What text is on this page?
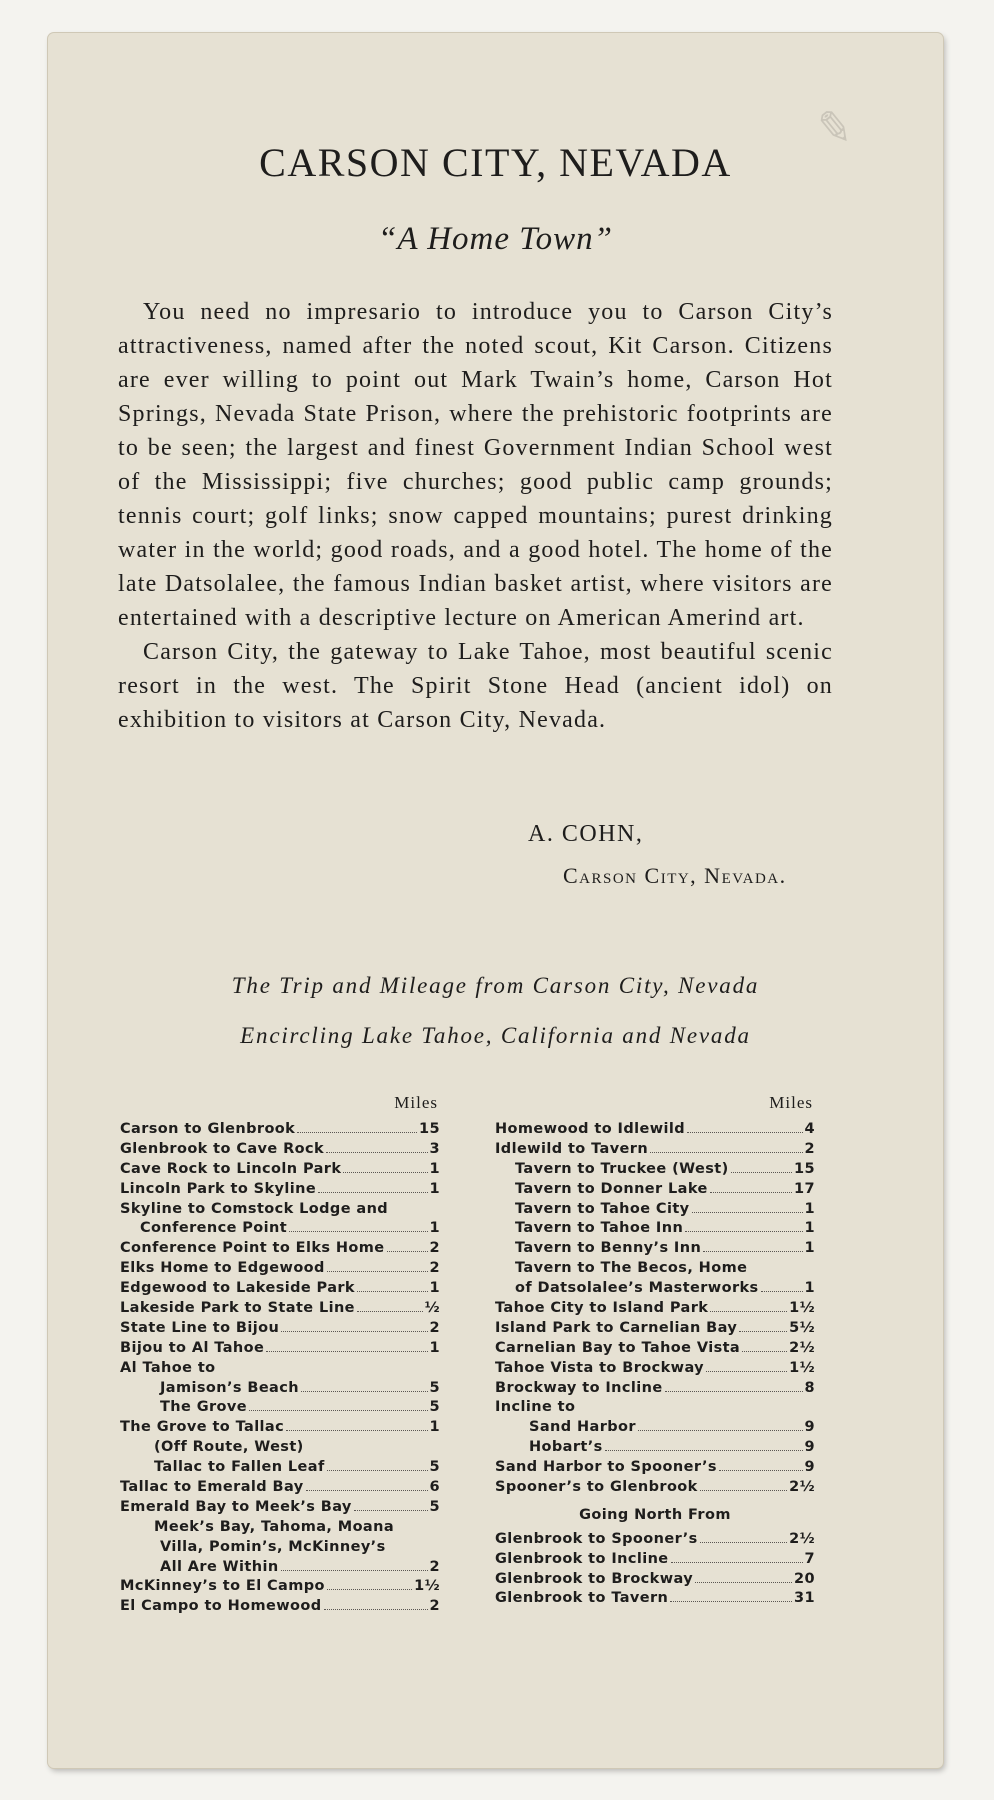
✎
CARSON CITY, NEVADA
“A Home Town”

You need no impresario to introduce you to Carson City’s attractiveness, named after the noted scout, Kit Carson. Citizens are ever willing to point out Mark Twain’s home, Carson Hot Springs, Nevada State Prison, where the prehistoric footprints are to be seen; the largest and finest Government Indian School west of the Mississippi; five churches; good public camp grounds; tennis court; golf links; snow capped mountains; purest drinking water in the world; good roads, and a good hotel. The home of the late Datsolalee, the famous Indian basket artist, where visitors are entertained with a descriptive lecture on American Amerind art.

Carson City, the gateway to Lake Tahoe, most beautiful scenic resort in the west. The Spirit Stone Head (ancient idol) on exhibition to visitors at Carson City, Nevada.

A. COHN,
Carson City, Nevada.
The Trip and Mileage from Carson City, Nevada
Encircling Lake Tahoe, California and Nevada
Miles
Carson to Glenbrook	15
Glenbrook to Cave Rock	3
Cave Rock to Lincoln Park	1
Lincoln Park to Skyline	1
Skyline to Comstock Lodge and
Conference Point	1
Conference Point to Elks Home	2
Elks Home to Edgewood	2
Edgewood to Lakeside Park	1
Lakeside Park to State Line	½
State Line to Bijou	2
Bijou to Al Tahoe	1
Al Tahoe to
Jamison’s Beach	5
The Grove	5
The Grove to Tallac	1
(Off Route, West)
Tallac to Fallen Leaf	5
Tallac to Emerald Bay	6
Emerald Bay to Meek’s Bay	5
Meek’s Bay, Tahoma, Moana
Villa, Pomin’s, McKinney’s
All Are Within	2
McKinney’s to El Campo	1½
El Campo to Homewood	2
Miles
Homewood to Idlewild	4
Idlewild to Tavern	2
Tavern to Truckee (West)	15
Tavern to Donner Lake	17
Tavern to Tahoe City	1
Tavern to Tahoe Inn	1
Tavern to Benny’s Inn	1
Tavern to The Becos, Home
of Datsolalee’s Masterworks	1
Tahoe City to Island Park	1½
Island Park to Carnelian Bay	5½
Carnelian Bay to Tahoe Vista	2½
Tahoe Vista to Brockway	1½
Brockway to Incline	8
Incline to
Sand Harbor	9
Hobart’s	9
Sand Harbor to Spooner’s	9
Spooner’s to Glenbrook	2½
Going North From
Glenbrook to Spooner’s	2½
Glenbrook to Incline	7
Glenbrook to Brockway	20
Glenbrook to Tavern	31
